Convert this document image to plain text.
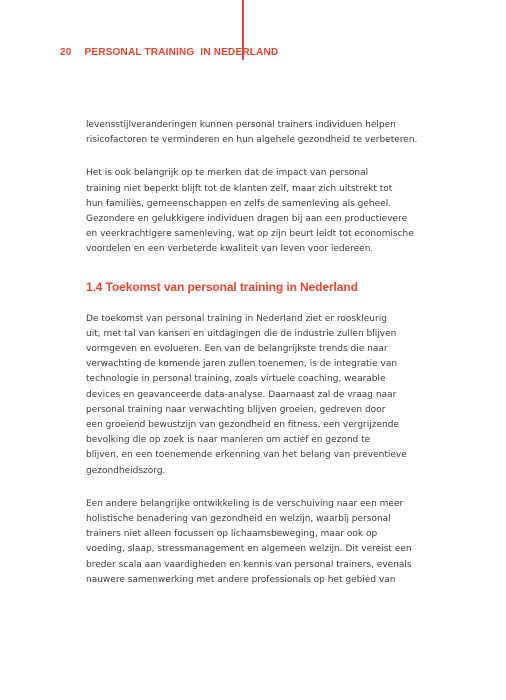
20 PERSONAL TRAINING  IN NEDERLAND

levensstijlveranderingen kunnen personal trainers individuen helpen
risicofactoren te verminderen en hun algehele gezondheid te verbeteren.

Het is ook belangrijk op te merken dat de impact van personal
training niet beperkt blijft tot de klanten zelf, maar zich uitstrekt tot
hun families, gemeenschappen en zelfs de samenleving als geheel.
Gezondere en gelukkigere individuen dragen bij aan een productievere
en veerkrachtigere samenleving, wat op zijn beurt leidt tot economische
voordelen en een verbeterde kwaliteit van leven voor iedereen.

1.4 Toekomst van personal training in Nederland

De toekomst van personal training in Nederland ziet er rooskleurig
uit, met tal van kansen en uitdagingen die de industrie zullen blijven
vormgeven en evolueren. Een van de belangrijkste trends die naar
verwachting de komende jaren zullen toenemen, is de integratie van
technologie in personal training, zoals virtuele coaching, wearable
devices en geavanceerde data-analyse. Daarnaast zal de vraag naar
personal training naar verwachting blijven groeien, gedreven door
een groeiend bewustzijn van gezondheid en fitness, een vergrijzende
bevolking die op zoek is naar manieren om actief en gezond te
blijven, en een toenemende erkenning van het belang van preventieve
gezondheidszorg.

Een andere belangrijke ontwikkeling is de verschuiving naar een meer
holistische benadering van gezondheid en welzijn, waarbij personal
trainers niet alleen focussen op lichaamsbeweging, maar ook op
voeding, slaap, stressmanagement en algemeen welzijn. Dit vereist een
breder scala aan vaardigheden en kennis van personal trainers, evenals
nauwere samenwerking met andere professionals op het gebied van
